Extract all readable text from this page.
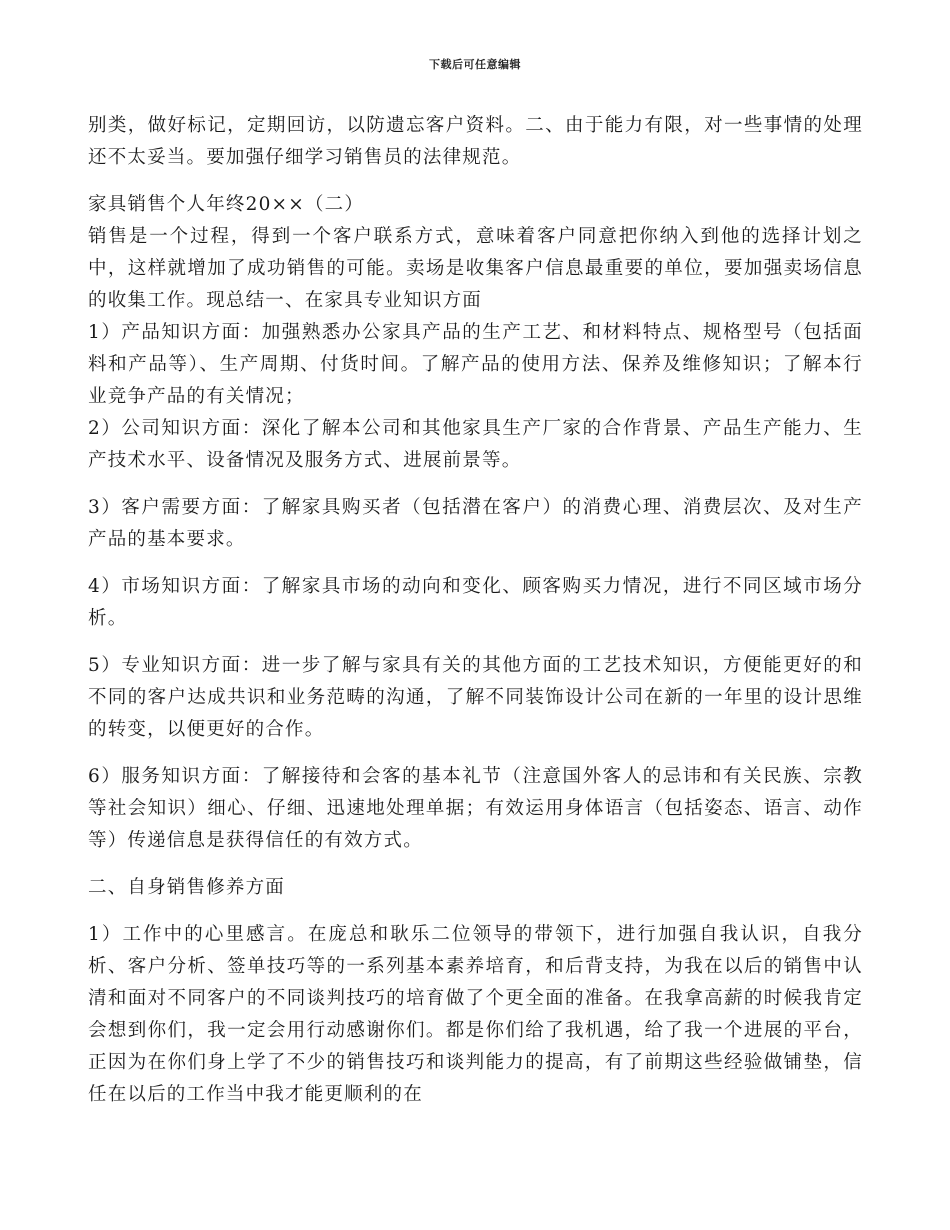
下载后可任意编辑

别类，做好标记，定期回访，以防遗忘客户资料。二、由于能力有限，对一些事情的处理还不太妥当。要加强仔细学习销售员的法律规范。

家具销售个人年终20××（二）

销售是一个过程，得到一个客户联系方式，意味着客户同意把你纳入到他的选择计划之中，这样就增加了成功销售的可能。卖场是收集客户信息最重要的单位，要加强卖场信息的收集工作。现总结一、在家具专业知识方面

1）产品知识方面：加强熟悉办公家具产品的生产工艺、和材料特点、规格型号（包括面料和产品等）、生产周期、付货时间。了解产品的使用方法、保养及维修知识；了解本行业竞争产品的有关情况；

2）公司知识方面：深化了解本公司和其他家具生产厂家的合作背景、产品生产能力、生产技术水平、设备情况及服务方式、进展前景等。

3）客户需要方面：了解家具购买者（包括潜在客户）的消费心理、消费层次、及对生产产品的基本要求。

4）市场知识方面：了解家具市场的动向和变化、顾客购买力情况，进行不同区域市场分析。

5）专业知识方面：进一步了解与家具有关的其他方面的工艺技术知识，方便能更好的和不同的客户达成共识和业务范畴的沟通，了解不同装饰设计公司在新的一年里的设计思维的转变，以便更好的合作。

6）服务知识方面：了解接待和会客的基本礼节（注意国外客人的忌讳和有关民族、宗教等社会知识）细心、仔细、迅速地处理单据；有效运用身体语言（包括姿态、语言、动作等）传递信息是获得信任的有效方式。

二、自身销售修养方面

1）工作中的心里感言。在庞总和耿乐二位领导的带领下，进行加强自我认识，自我分析、客户分析、签单技巧等的一系列基本素养培育，和后背支持，为我在以后的销售中认清和面对不同客户的不同谈判技巧的培育做了个更全面的准备。在我拿高薪的时候我肯定会想到你们，我一定会用行动感谢你们。都是你们给了我机遇，给了我一个进展的平台，正因为在你们身上学了不少的销售技巧和谈判能力的提高，有了前期这些经验做铺垫，信任在以后的工作当中我才能更顺利的在
